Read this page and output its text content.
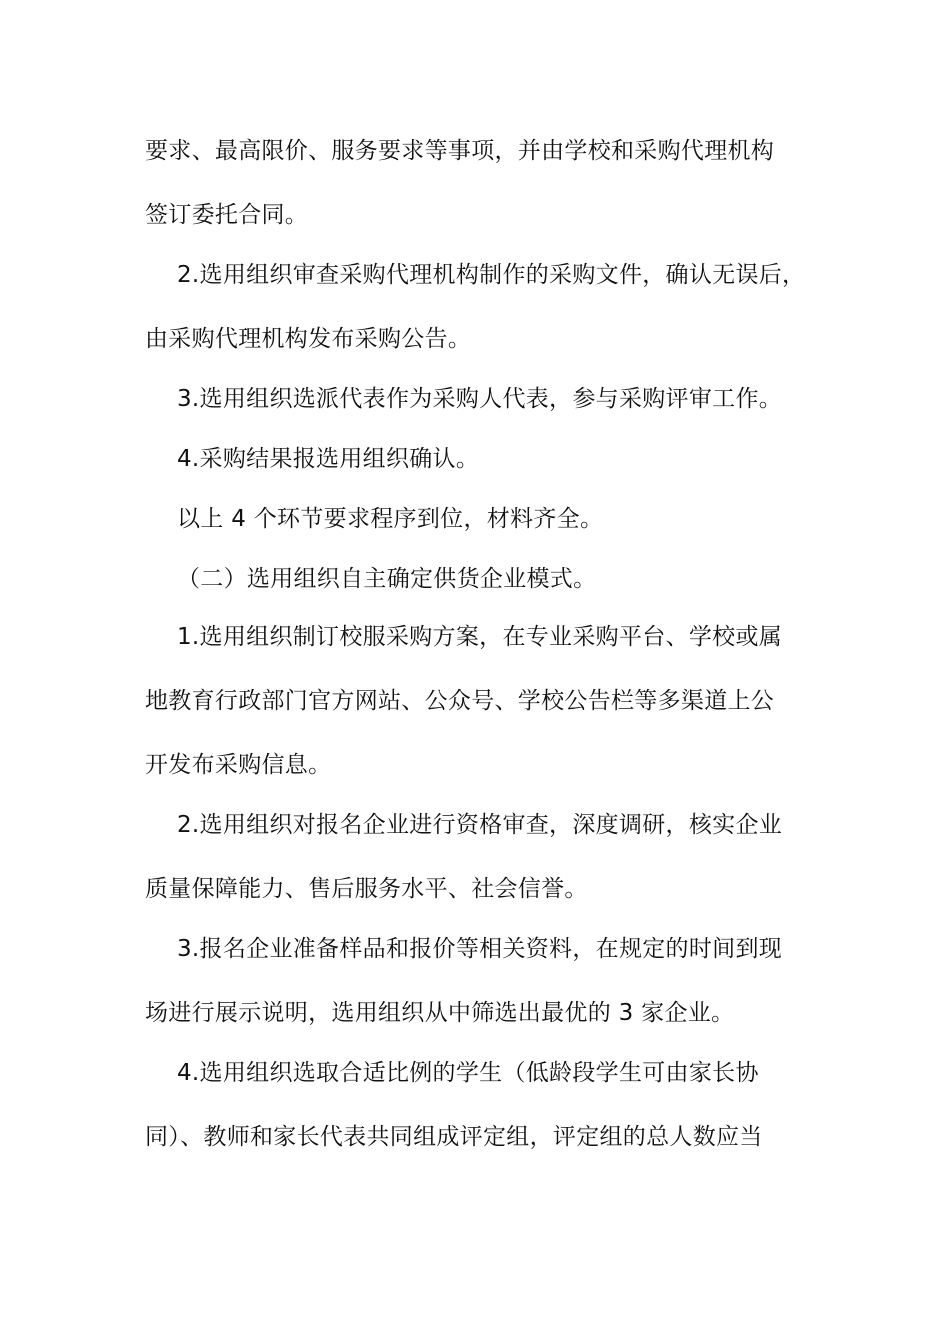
要求、最高限价、服务要求等事项，并由学校和采购代理机构
签订委托合同。
2.选用组织审查采购代理机构制作的采购文件，确认无误后，
由采购代理机构发布采购公告。
3.选用组织选派代表作为采购人代表，参与采购评审工作。
4.采购结果报选用组织确认。
以上 4 个环节要求程序到位，材料齐全。
（二）选用组织自主确定供货企业模式。
1.选用组织制订校服采购方案，在专业采购平台、学校或属
地教育行政部门官方网站、公众号、学校公告栏等多渠道上公
开发布采购信息。
2.选用组织对报名企业进行资格审查，深度调研，核实企业
质量保障能力、售后服务水平、社会信誉。
3.报名企业准备样品和报价等相关资料，在规定的时间到现
场进行展示说明，选用组织从中筛选出最优的 3 家企业。
4.选用组织选取合适比例的学生（低龄段学生可由家长协
同）、教师和家长代表共同组成评定组，评定组的总人数应当
